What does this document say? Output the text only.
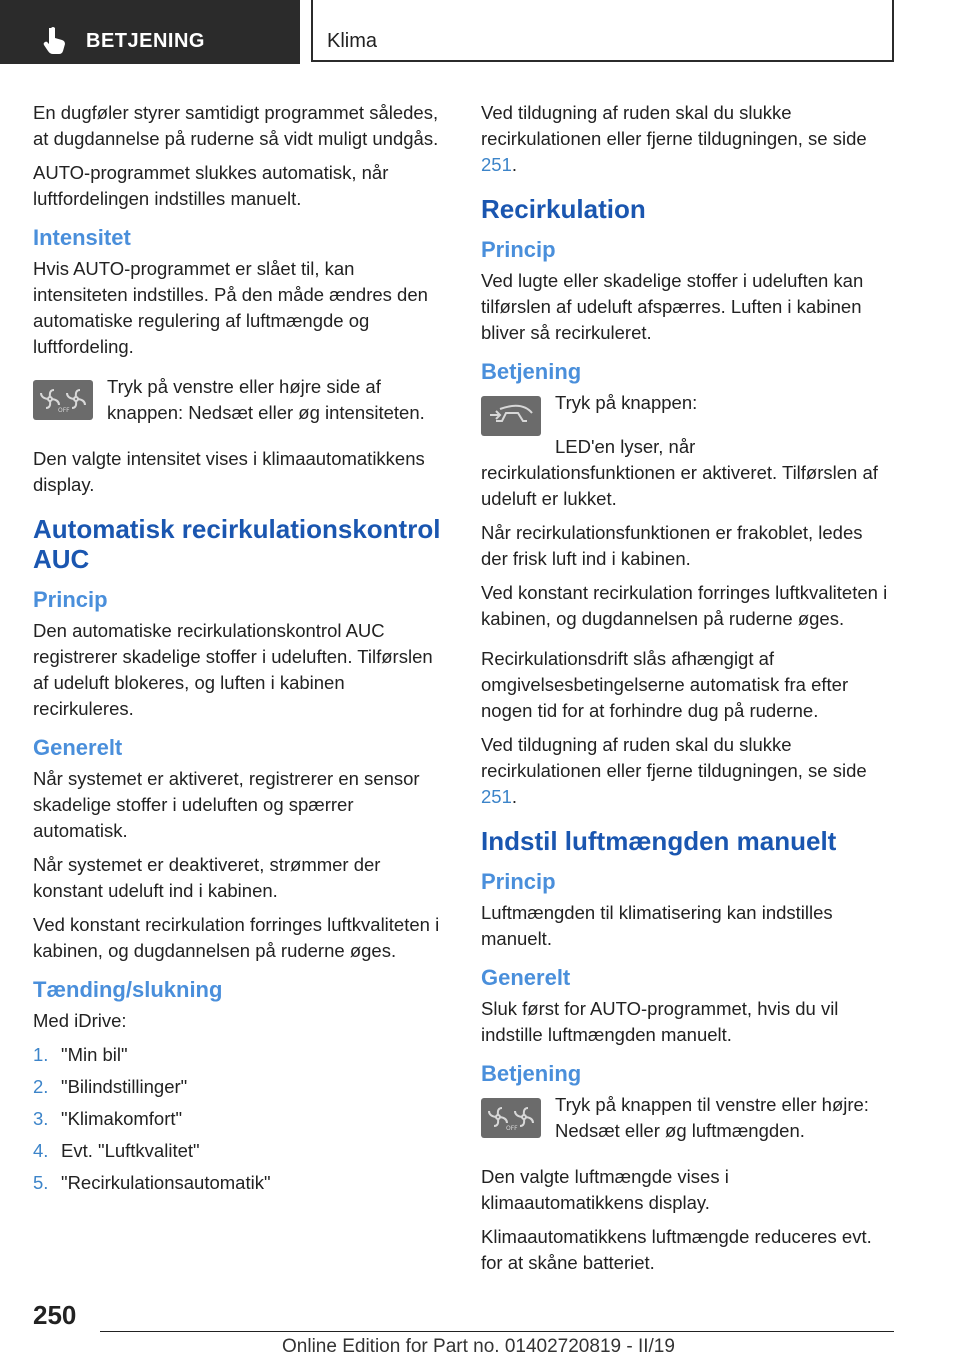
BETJENING	Klima

En dugføler styrer samtidigt programmet således, at dugdannelse på ruderne så vidt muligt undgås.

AUTO-programmet slukkes automatisk, når luftfordelingen indstilles manuelt.

Intensitet

Hvis AUTO-programmet er slået til, kan intensiteten indstilles. På den måde ændres den automatiske regulering af luftmængde og luftfordeling.

OFF

Tryk på venstre eller højre side af knappen: Nedsæt eller øg intensiteten.

Den valgte intensitet vises i klimaautomatikkens display.

Automatisk recirkulationskontrol AUC
Princip

Den automatiske recirkulationskontrol AUC registrerer skadelige stoffer i udeluften. Tilførslen af udeluft blokeres, og luften i kabinen recirkuleres.

Generelt

Når systemet er aktiveret, registrerer en sensor skadelige stoffer i udeluften og spærrer automatisk.

Når systemet er deaktiveret, strømmer der konstant udeluft ind i kabinen.

Ved konstant recirkulation forringes luftkvaliteten i kabinen, og dugdannelsen på ruderne øges.

Tænding/slukning

Med iDrive:

1. "Min bil"
2. "Bilindstillinger"
3. "Klimakomfort"
4. Evt. "Luftkvalitet"
5. "Recirkulationsautomatik"

Ved tildugning af ruden skal du slukke recirkulationen eller fjerne tildugningen, se side 251.

Recirkulation
Princip

Ved lugte eller skadelige stoffer i udeluften kan tilførslen af udeluft afspærres. Luften i kabinen bliver så recirkuleret.

Betjening

Tryk på knappen:

LED'en lyser, når recirkulationsfunktionen er aktiveret. Tilførslen af udeluft er lukket.

Når recirkulationsfunktionen er frakoblet, ledes der frisk luft ind i kabinen.

Ved konstant recirkulation forringes luftkvaliteten i kabinen, og dugdannelsen på ruderne øges.

Recirkulationsdrift slås afhængigt af omgivelsesbetingelserne automatisk fra efter nogen tid for at forhindre dug på ruderne.

Ved tildugning af ruden skal du slukke recirkulationen eller fjerne tildugningen, se side 251.

Indstil luftmængden manuelt
Princip

Luftmængden til klimatisering kan indstilles manuelt.

Generelt

Sluk først for AUTO-programmet, hvis du vil indstille luftmængden manuelt.

Betjening
OFF

Tryk på knappen til venstre eller højre: Nedsæt eller øg luftmængden.

Den valgte luftmængde vises i klimaautomatikkens display.

Klimaautomatikkens luftmængde reduceres evt. for at skåne batteriet.

250
Online Edition for Part no. 01402720819 - II/19
